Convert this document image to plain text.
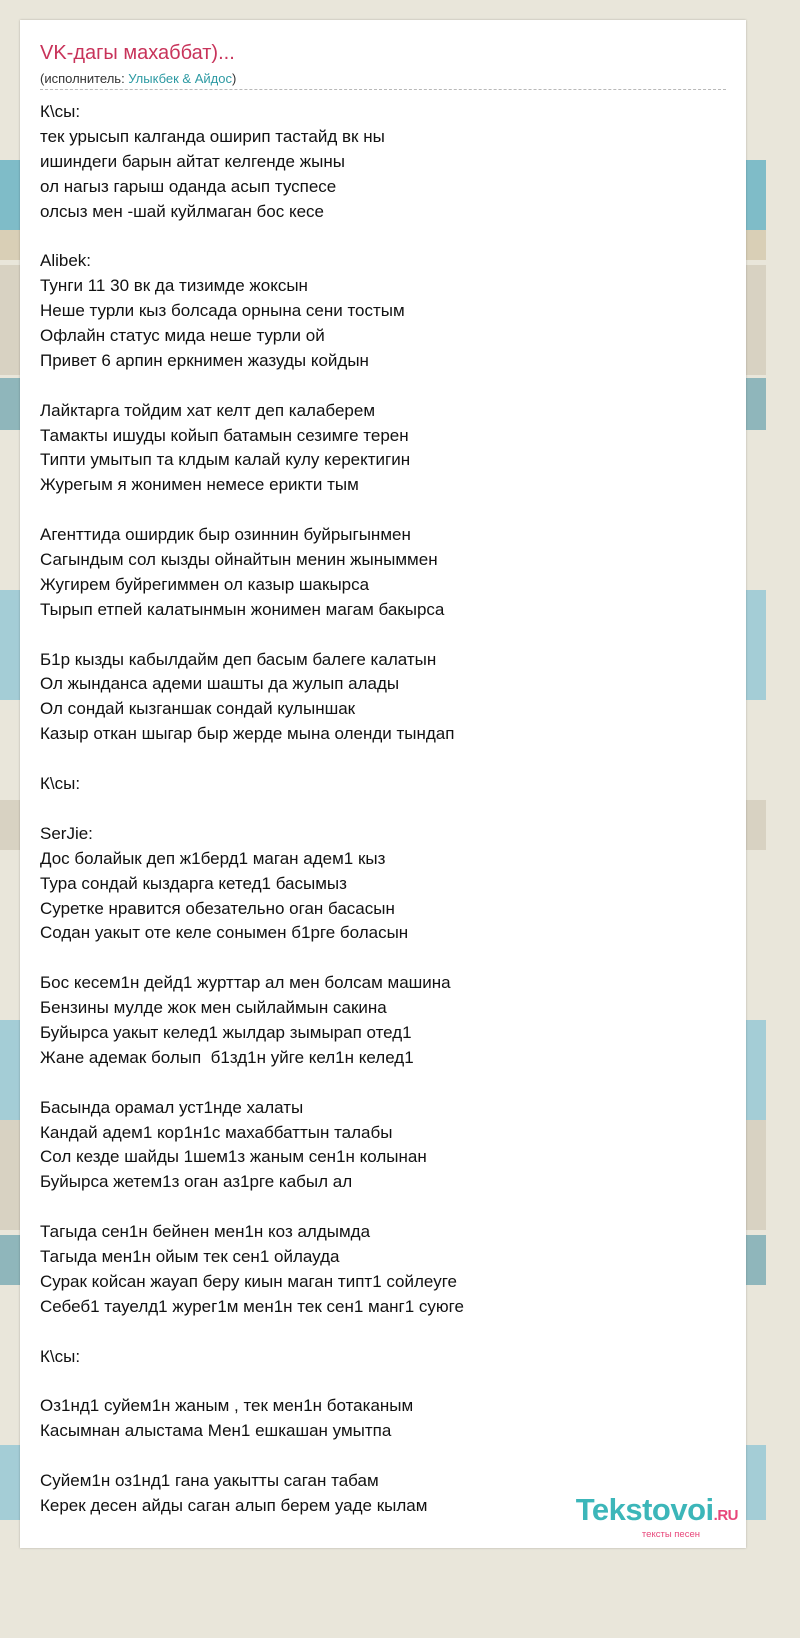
VK-дагы махаббат)...
(исполнитель: Улыкбек & Айдос)
К\сы:
тек урысып калганда оширип тастайд вк ны
ишиндеги барын айтат келгенде жыны
ол нагыз гарыш оданда асып туспесе
олсыз мен -шай куйлмаган бос кесе
Alibek:
Тунги 11 30 вк да тизимде жоксын
Неше турли кыз болсада орнына сени тостым
Офлайн статус мида неше турли ой
Привет 6 арпин еркнимен жазуды койдын
Лайктарга тойдим хат келт деп калаберем
Тамакты ишуды койып батамын сезимге терен
Типти умытып та клдым калай кулу керектигин
Журегым я жонимен немесе ерикти тым
Агенттида оширдик быр озиннин буйрыгынмен
Сагындым сол кызды ойнайтын менин жыныммен
Жугирем буйрегиммен ол казыр шакырса
Тырып етпей калатынмын жонимен магам бакырса
Б1р кызды кабылдайм деп басым балеге калатын
Ол жынданса адеми шашты да жулып алады
Ол сондай кызганшак сондай кулыншак
Казыр откан шыгар быр жерде мына оленди тындап
К\сы:
SerJie:
Дос болайык деп ж1берд1 маган адем1 кыз
Тура сондай кыздарга кетед1 басымыз
Суретке нравится обезательно оган басасын
Содан уакыт оте келе сонымен б1рге боласын
Бос кесем1н дейд1 журттар ал мен болсам машина
Бензины мулде жок мен сыйлаймын сакина
Буйырса уакыт келед1 жылдар зымырап отед1
Жане адемак болып  б1зд1н уйге кел1н келед1
Басында орамал уст1нде халаты
Кандай адем1 кор1н1с махаббаттын талабы
Сол кезде шайды 1шем1з жаным сен1н колынан
Буйырса жетем1з оган аз1рге кабыл ал
Тагыда сен1н бейнен мен1н коз алдымда
Тагыда мен1н ойым тек сен1 ойлауда
Сурак койсан жауап беру киын маган типт1 сойлеуге
Себеб1 тауелд1 журег1м мен1н тек сен1 манг1 суюге
К\сы:
Оз1нд1 суйем1н жаным , тек мен1н ботаканым
Касымнан алыстама Мен1 ешкашан умытпа
Суйем1н оз1нд1 гана уакытты саган табам
Керек десен айды саган алып берем уаде кылам	Tekstovoi.RU
тексты песен
